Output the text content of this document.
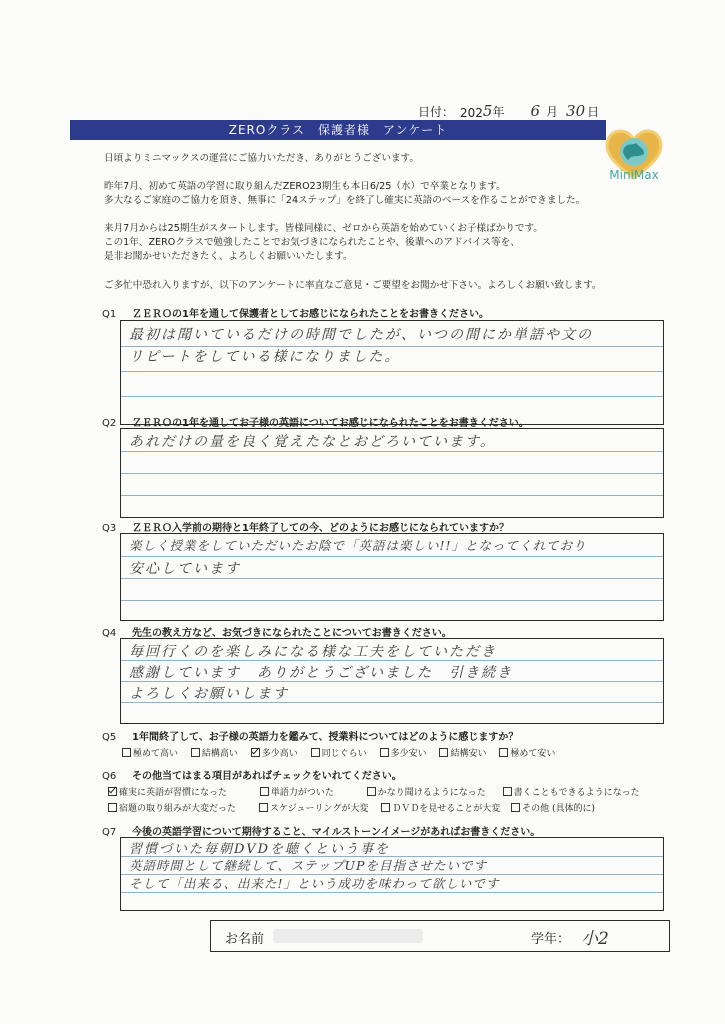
日付： 202 5 年 6 月 30 日
ZEROクラス　保護者様　アンケート
MiniMax
日頃よりミニマックスの運営にご協力いただき、ありがとうございます。
昨年7月、初めて英語の学習に取り組んだZERO23期生も本日6/25（水）で卒業となります。
多大なるご家庭のご協力を頂き、無事に「24ステップ」を終了し確実に英語のベースを作ることができました。
来月7月からは25期生がスタートします。皆様同様に、ゼロから英語を始めていくお子様ばかりです。
この1年、ZEROクラスで勉強したことでお気づきになられたことや、後輩へのアドバイス等を、
是非お聞かせいただきたく、よろしくお願いいたします。
ご多忙中恐れ入りますが、以下のアンケートに率直なご意見・ご要望をお聞かせ下さい。よろしくお願い致します。
Q1 ＺＥＲＯの1年を通して保護者としてお感じになられたことをお書きください。
最初は聞いているだけの時間でしたが、いつの間にか単語や文の
リピートをしている様になりました。
Q2 ＺＥＲＯの1年を通してお子様の英語についてお感じになられたことをお書きください。
あれだけの量を良く覚えたなとおどろいています。
Q3 ＺＥＲＯ入学前の期待と1年終了しての今、どのようにお感じになられていますか？
楽しく授業をしていただいたお陰で「英語は楽しい!!」となってくれており
安心しています
Q4 先生の教え方など、お気づきになられたことについてお書きください。
毎回行くのを楽しみになる様な工夫をしていただき
感謝しています　ありがとうございました　引き続き
よろしくお願いします
Q5 1年間終了して、お子様の英語力を鑑みて、授業料についてはどのように感じますか？
極めて高い	結構高い	多少高い	同じぐらい	多少安い	結構安い	極めて安い
Q6 その他当てはまる項目があればチェックをいれてください。
確実に英語が習慣になった	単語力がついた	かなり聞けるようになった	書くこともできるようになった
宿題の取り組みが大変だった	スケジューリングが大変	ＤＶＤを見せることが大変 その他 (具体的に)
Q7 今後の英語学習について期待すること、マイルストーンイメージがあればお書きください。
習慣づいた毎朝DVDを聴くという事を
英語時間として継続して、ステップUPを目指させたいです
そして「出来る、出来た!」という成功を味わって欲しいです
お名前	学年： 小2
